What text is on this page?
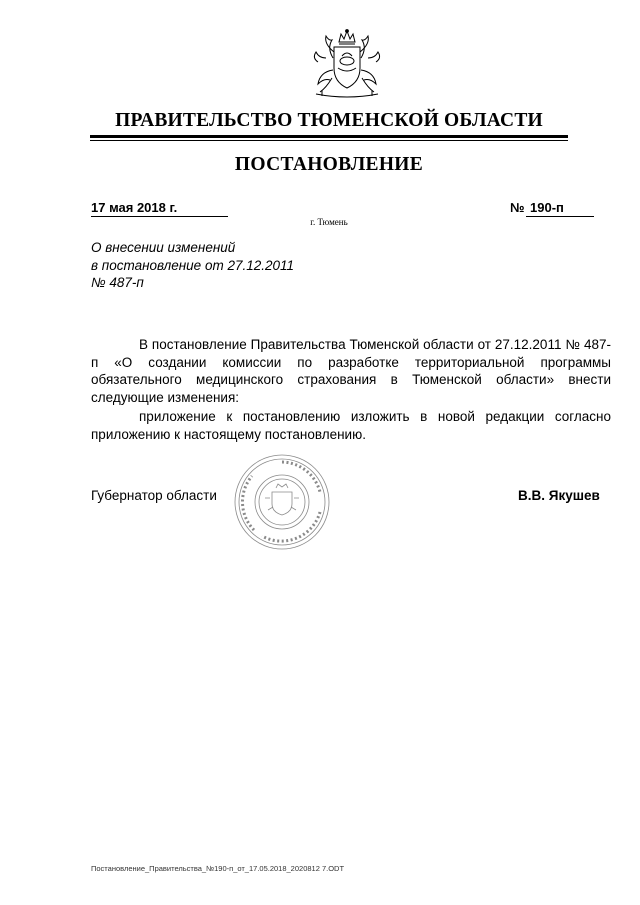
ПРАВИТЕЛЬСТВО ТЮМЕНСКОЙ ОБЛАСТИ
ПОСТАНОВЛЕНИЕ
17 мая 2018 г.	№ 190-п
г. Тюмень
О внесении изменений
в постановление от 27.12.2011
№ 487-п

В постановление Правительства Тюменской области от 27.12.2011 № 487-п «О создании комиссии по разработке территориальной программы обязательного медицинского страхования в Тюменской области» внести следующие изменения:

приложение к постановлению изложить в новой редакции согласно приложению к настоящему постановлению.

Губернатор области	В.В. Якушев
Постановление_Правительства_№190-п_от_17.05.2018_2020812 7.ODT
